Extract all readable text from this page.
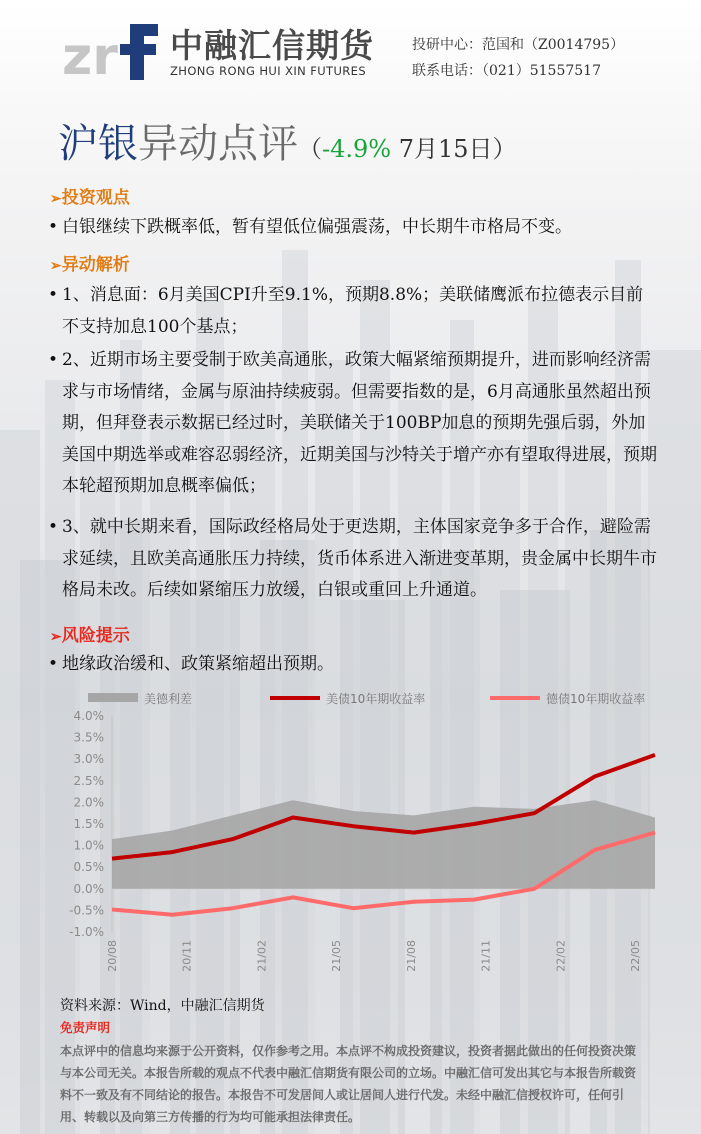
zr 中融汇信期货
ZHONG RONG HUI XIN FUTURES
投研中心：范国和（Z0014795）
联系电话：（021）51557517
沪银异动点评（-4.9% 7月15日）
➢投资观点
• 白银继续下跌概率低，暂有望低位偏强震荡，中长期牛市格局不变。
➢异动解析
• 1、消息面：6月美国CPI升至9.1%，预期8.8%；美联储鹰派布拉德表示目前不支持加息100个基点；
• 2、近期市场主要受制于欧美高通胀，政策大幅紧缩预期提升，进而影响经济需求与市场情绪，金属与原油持续疲弱。但需要指数的是，6月高通胀虽然超出预期，但拜登表示数据已经过时，美联储关于100BP加息的预期先强后弱，外加美国中期选举或难容忍弱经济，近期美国与沙特关于增产亦有望取得进展，预期本轮超预期加息概率偏低；
• 3、就中长期来看，国际政经格局处于更迭期，主体国家竞争多于合作，避险需求延续，且欧美高通胀压力持续，货币体系进入渐进变革期，贵金属中长期牛市格局未改。后续如紧缩压力放缓，白银或重回上升通道。
➢风险提示
• 地缘政治缓和、政策紧缩超出预期。
美德利差	美债10年期收益率	德债10年期收益率
4.0%
3.5%
3.0%
2.5%
2.0%
1.5%
1.0%
0.5%
0.0%
-0.5%
-1.0%
20/08	20/11	21/02	21/05	21/08	21/11	22/02	22/05
资料来源：Wind，中融汇信期货
免责声明
本点评中的信息均来源于公开资料，仅作参考之用。本点评不构成投资建议，投资者据此做出的任何投资决策与本公司无关。本报告所载的观点不代表中融汇信期货有限公司的立场。中融汇信可发出其它与本报告所载资料不一致及有不同结论的报告。本报告不可发居间人或让居间人进行代发。未经中融汇信授权许可，任何引用、转载以及向第三方传播的行为均可能承担法律责任。
